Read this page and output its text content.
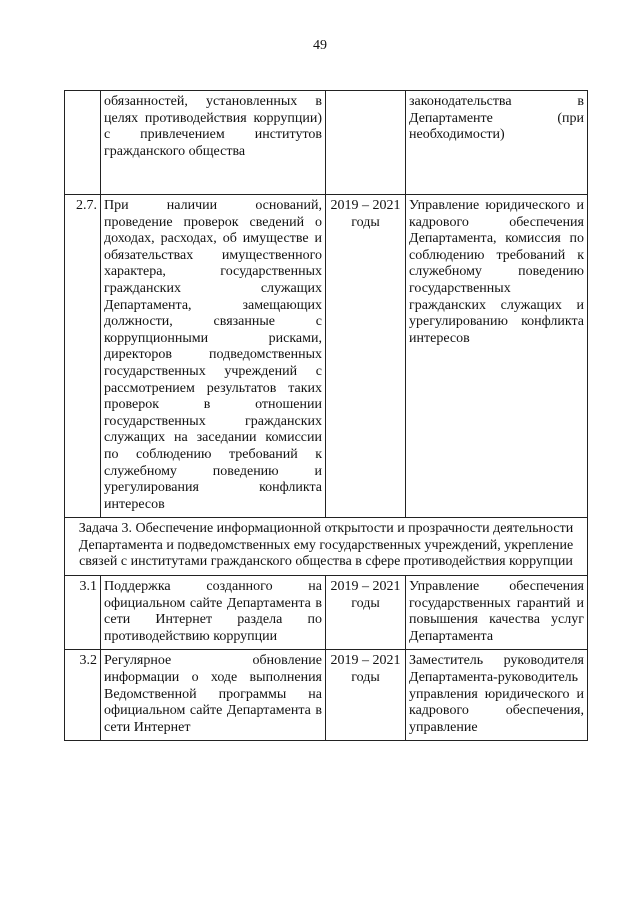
49
	обязанностей, установленных в целях противодействия коррупции) с привлечением институтов гражданского общества		законодательства в Департаменте (при необходимости)
2.7.	При наличии оснований, проведение проверок сведений о доходах, расходах, об имуществе и обязательствах имущественного характера, государственных гражданских служащих Департамента, замещающих должности, связанные с коррупционными рисками, директоров подведомственных государственных учреждений с рассмотрением результатов таких проверок в отношении государственных гражданских служащих на заседании комиссии по соблюдению требований к служебному поведению и урегулирования конфликта интересов	2019 – 2021 годы	Управление юридического и кадрового обеспечения Департамента, комиссия по соблюдению требований к служебному поведению государственных гражданских служащих и урегулированию конфликта интересов
Задача 3. Обеспечение информационной открытости и прозрачности деятельности Департамента и подведомственных ему государственных учреждений, укрепление связей с институтами гражданского общества в сфере противодействия коррупции			
3.1	Поддержка созданного на официальном сайте Департамента в сети Интернет раздела по противодействию коррупции	2019 – 2021 годы	Управление обеспечения государственных гарантий и повышения качества услуг Департамента
3.2	Регулярное обновление информации о ходе выполнения Ведомственной программы на официальном сайте Департамента в сети Интернет	2019 – 2021 годы	Заместитель руководителя Департамента-руководитель управления юридического и кадрового обеспечения, управление
